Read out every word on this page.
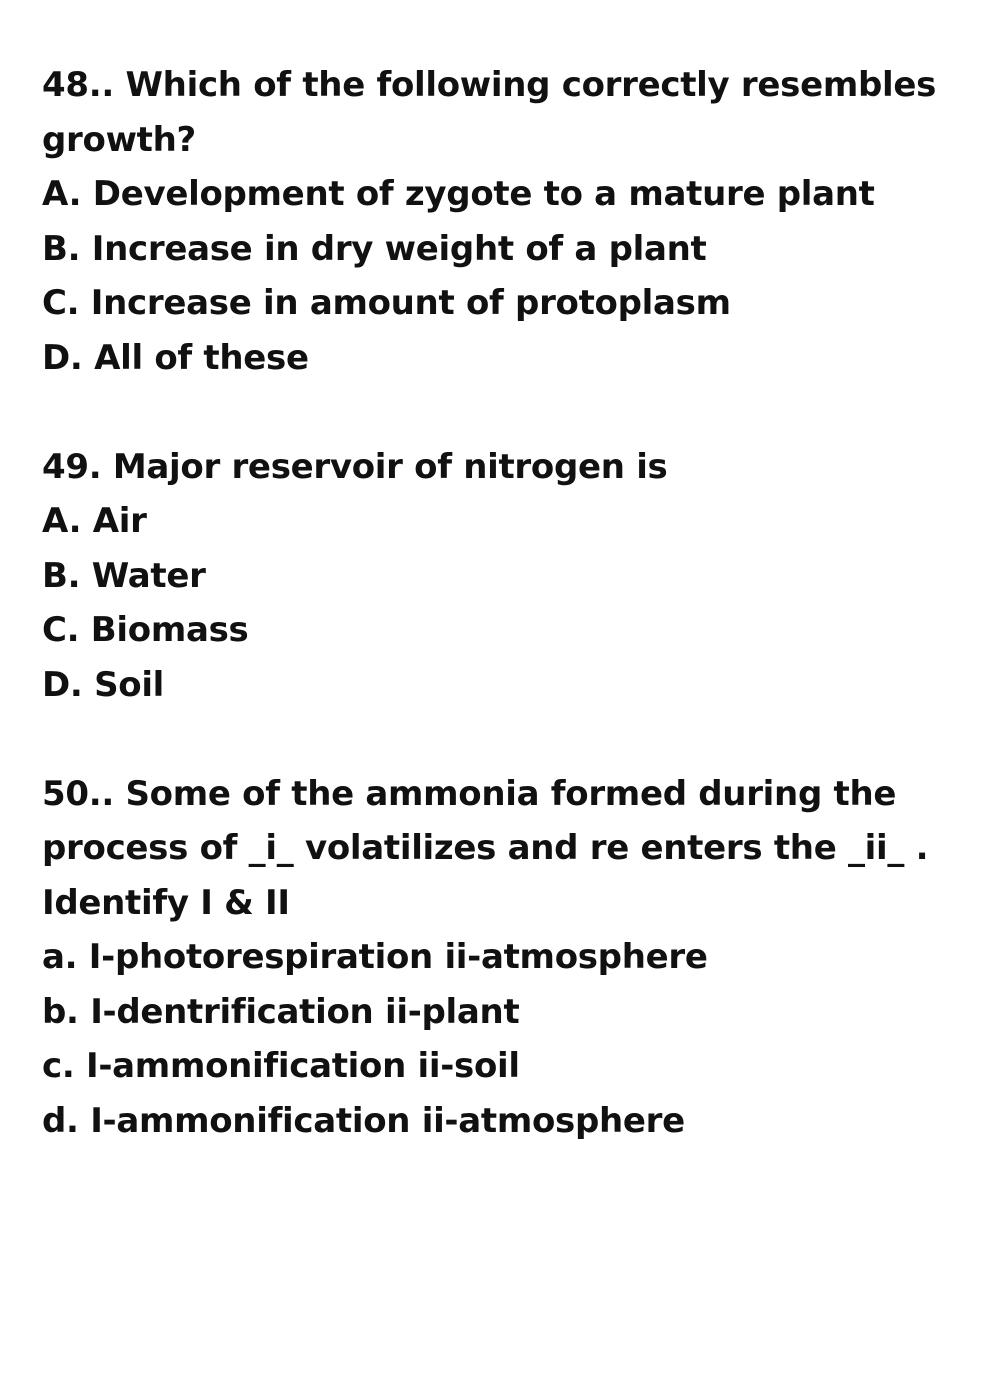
48.. Which of the following correctly resembles
growth?
A. Development of zygote to a mature plant
B. Increase in dry weight of a plant
C. Increase in amount of protoplasm
D. All of these
49. Major reservoir of nitrogen is
A. Air
B. Water
C. Biomass
D. Soil
50.. Some of the ammonia formed during the
process of _i_ volatilizes and re enters the _ii_ .
Identify I & II
a. I-photorespiration ii-atmosphere
b. I-dentrification ii-plant
c. I-ammonification ii-soil
d. I-ammonification ii-atmosphere
